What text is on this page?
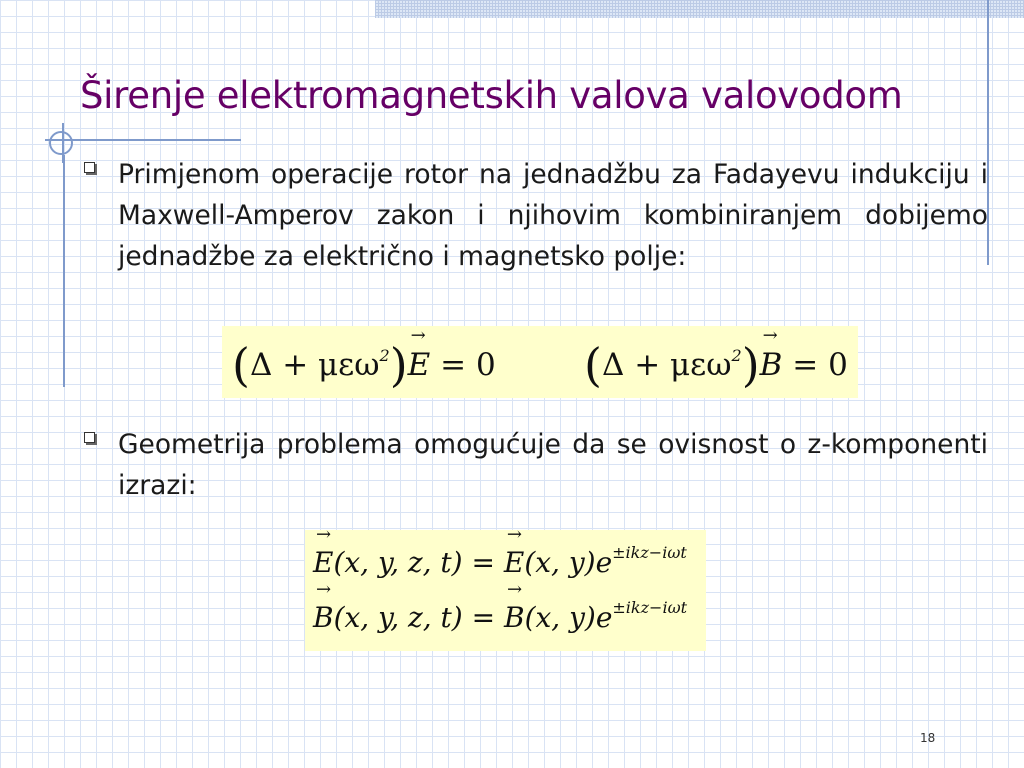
Širenje elektromagnetskih valova valovodom
Primjenom operacije rotor na jednadžbu za Fadayevu indukciju i Maxwell-Amperov zakon i njihovim kombiniranjem dobijemo jednadžbe za električno i magnetsko polje:
(Δ + μεω$^2$)→ E = 0 (Δ + μεω$^2$)→ B = 0
Geometrija problema omogućuje da se ovisnost o z-komponenti izrazi:
→ E(x, y, z, t) = → E(x, $y)e^{\pm ikz-i\omega t}$
→ B(x, y, z, t) = → B(x, $y)e^{\pm ikz-i\omega t}$
18
